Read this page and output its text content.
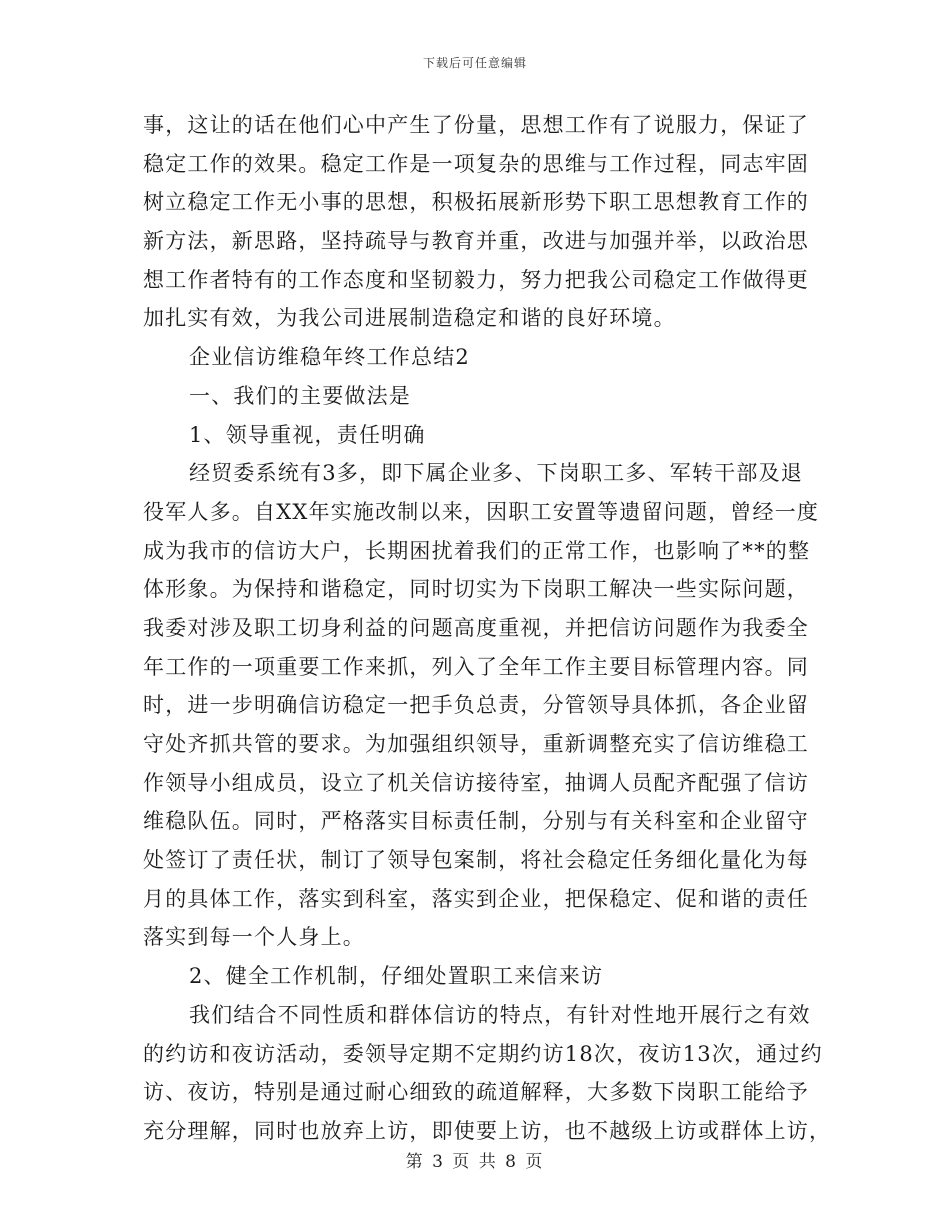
下载后可任意编辑
事，这让的话在他们心中产生了份量，思想工作有了说服力，保证了
稳定工作的效果。稳定工作是一项复杂的思维与工作过程，同志牢固
树立稳定工作无小事的思想，积极拓展新形势下职工思想教育工作的
新方法，新思路，坚持疏导与教育并重，改进与加强并举，以政治思
想工作者特有的工作态度和坚韧毅力，努力把我公司稳定工作做得更
加扎实有效，为我公司进展制造稳定和谐的良好环境。
企业信访维稳年终工作总结2
一、我们的主要做法是
1、领导重视，责任明确
经贸委系统有3多，即下属企业多、下岗职工多、军转干部及退
役军人多。自XX年实施改制以来，因职工安置等遗留问题，曾经一度
成为我市的信访大户，长期困扰着我们的正常工作，也影响了**的整
体形象。为保持和谐稳定，同时切实为下岗职工解决一些实际问题，
我委对涉及职工切身利益的问题高度重视，并把信访问题作为我委全
年工作的一项重要工作来抓，列入了全年工作主要目标管理内容。同
时，进一步明确信访稳定一把手负总责，分管领导具体抓，各企业留
守处齐抓共管的要求。为加强组织领导，重新调整充实了信访维稳工
作领导小组成员，设立了机关信访接待室，抽调人员配齐配强了信访
维稳队伍。同时，严格落实目标责任制，分别与有关科室和企业留守
处签订了责任状，制订了领导包案制，将社会稳定任务细化量化为每
月的具体工作，落实到科室，落实到企业，把保稳定、促和谐的责任
落实到每一个人身上。
2、健全工作机制，仔细处置职工来信来访
我们结合不同性质和群体信访的特点，有针对性地开展行之有效
的约访和夜访活动，委领导定期不定期约访18次，夜访13次，通过约
访、夜访，特别是通过耐心细致的疏道解释，大多数下岗职工能给予
充分理解，同时也放弃上访，即使要上访，也不越级上访或群体上访，
第 3 页 共 8 页
